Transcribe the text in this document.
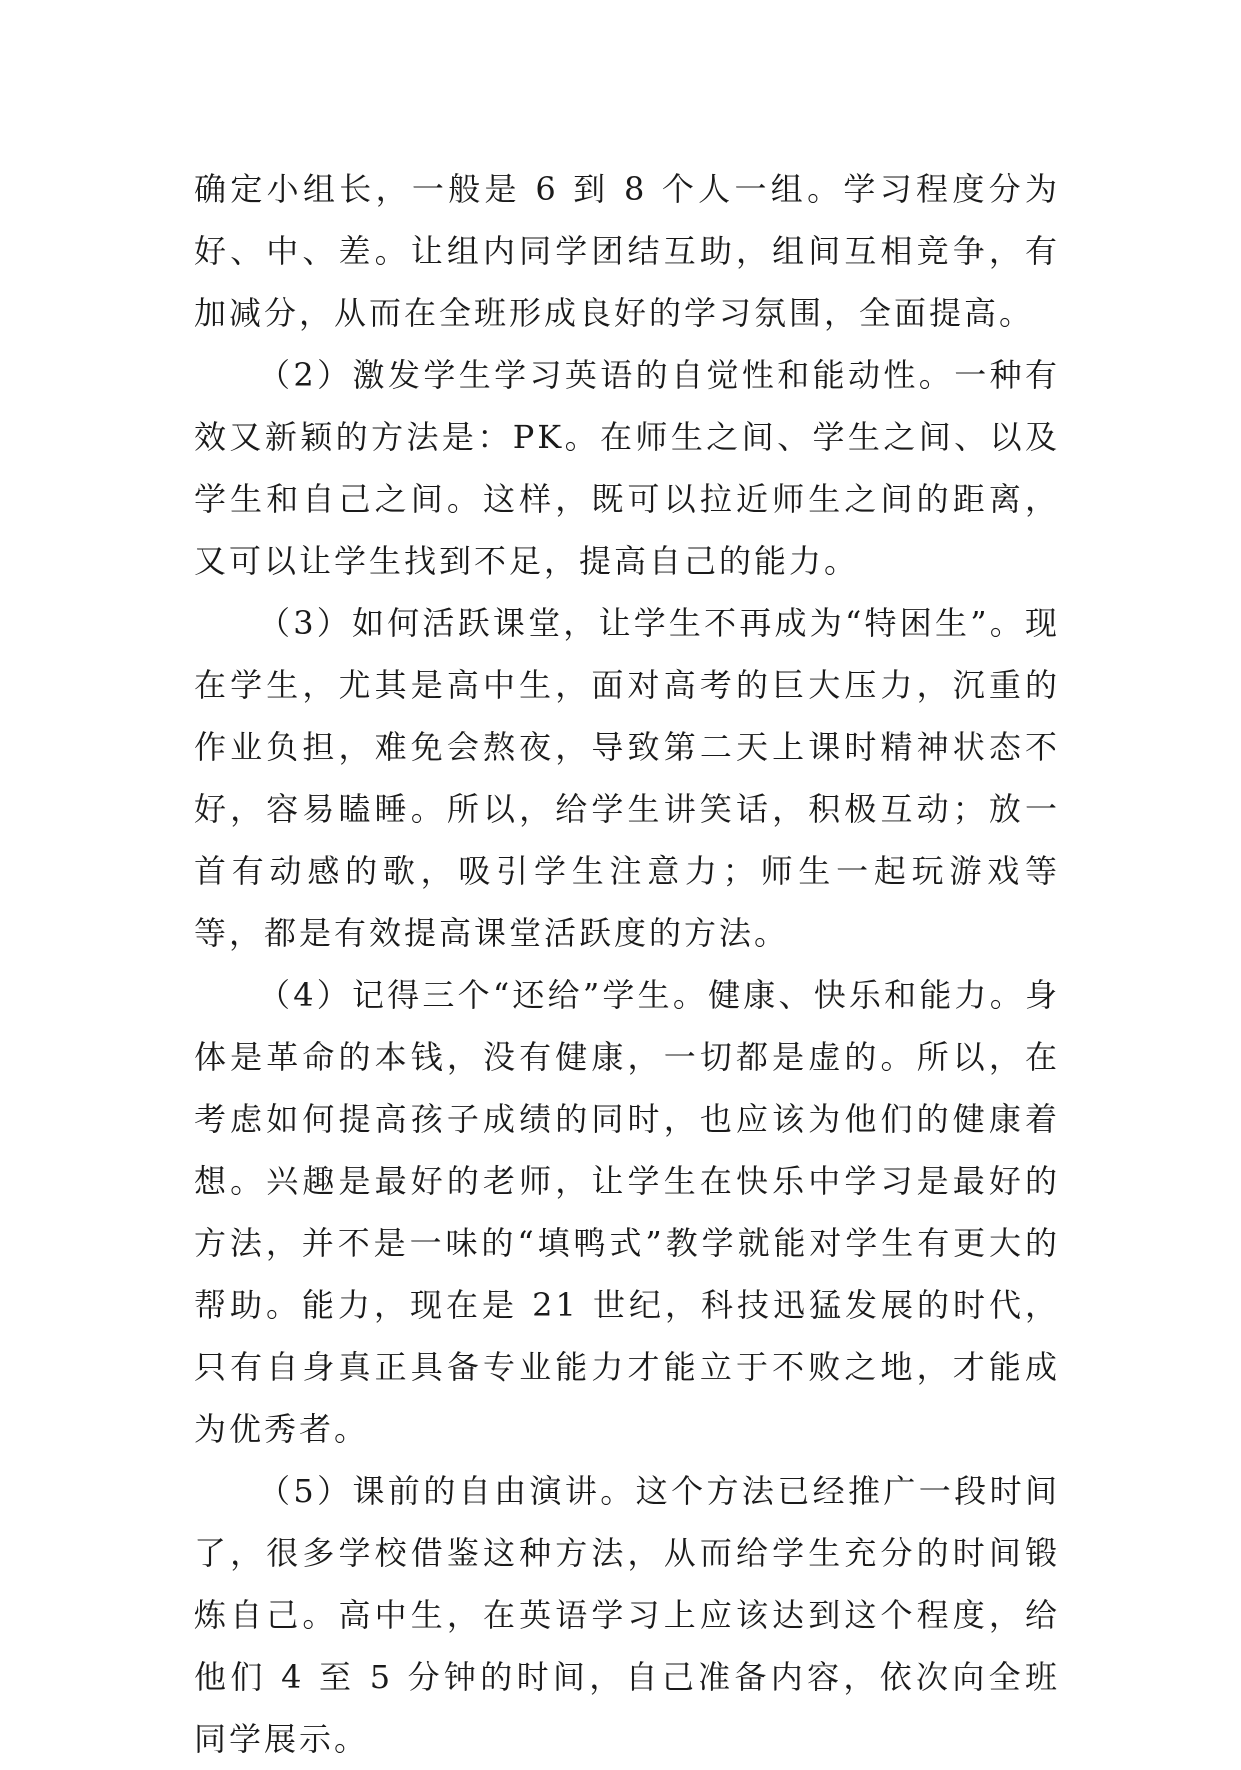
确定小组长，一般是 6 到 8 个人一组。学习程度分为好、中、差。让组内同学团结互助，组间互相竞争，有加减分，从而在全班形成良好的学习氛围，全面提高。

（2）激发学生学习英语的自觉性和能动性。一种有效又新颖的方法是：PK。在师生之间、学生之间、以及学生和自己之间。这样，既可以拉近师生之间的距离，又可以让学生找到不足，提高自己的能力。

（3）如何活跃课堂，让学生不再成为“特困生”。现在学生，尤其是高中生，面对高考的巨大压力，沉重的作业负担，难免会熬夜，导致第二天上课时精神状态不好，容易瞌睡。所以，给学生讲笑话，积极互动；放一首有动感的歌，吸引学生注意力；师生一起玩游戏等等，都是有效提高课堂活跃度的方法。

（4）记得三个“还给”学生。健康、快乐和能力。身体是革命的本钱，没有健康，一切都是虚的。所以，在考虑如何提高孩子成绩的同时，也应该为他们的健康着想。兴趣是最好的老师，让学生在快乐中学习是最好的方法，并不是一味的“填鸭式”教学就能对学生有更大的帮助。能力，现在是 21 世纪，科技迅猛发展的时代，只有自身真正具备专业能力才能立于不败之地，才能成为优秀者。

（5）课前的自由演讲。这个方法已经推广一段时间了，很多学校借鉴这种方法，从而给学生充分的时间锻炼自己。高中生，在英语学习上应该达到这个程度，给他们 4 至 5 分钟的时间，自己准备内容，依次向全班同学展示。
